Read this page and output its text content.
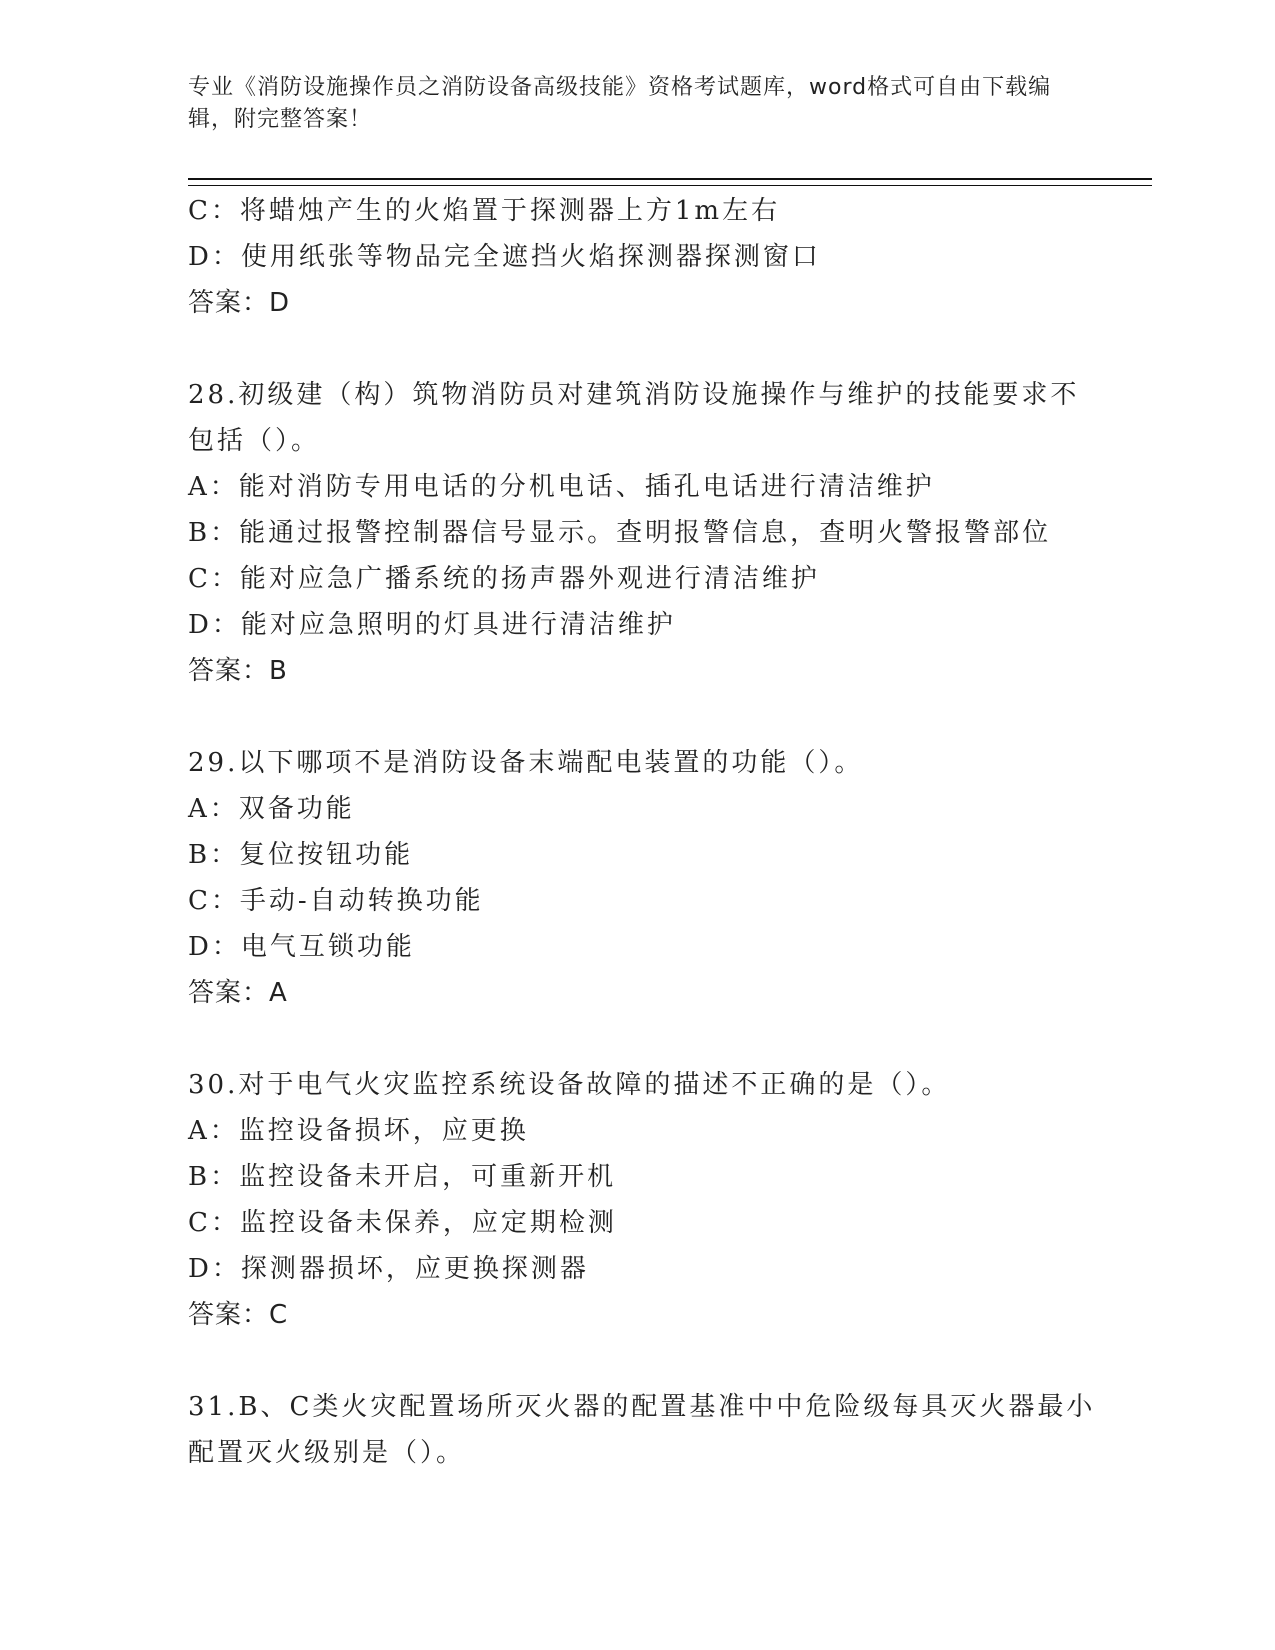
专业《消防设施操作员之消防设备高级技能》资格考试题库，word格式可自由下载编辑，附完整答案！
C：将蜡烛产生的火焰置于探测器上方1m左右
D：使用纸张等物品完全遮挡火焰探测器探测窗口
答案：D
28.初级建（构）筑物消防员对建筑消防设施操作与维护的技能要求不
包括（）。
A：能对消防专用电话的分机电话、插孔电话进行清洁维护
B：能通过报警控制器信号显示。查明报警信息，查明火警报警部位
C：能对应急广播系统的扬声器外观进行清洁维护
D：能对应急照明的灯具进行清洁维护
答案：B
29.以下哪项不是消防设备末端配电装置的功能（）。
A：双备功能
B：复位按钮功能
C：手动-自动转换功能
D：电气互锁功能
答案：A
30.对于电气火灾监控系统设备故障的描述不正确的是（）。
A：监控设备损坏，应更换
B：监控设备未开启，可重新开机
C：监控设备未保养，应定期检测
D：探测器损坏，应更换探测器
答案：C
31.B、C类火灾配置场所灭火器的配置基准中中危险级每具灭火器最小
配置灭火级别是（）。
